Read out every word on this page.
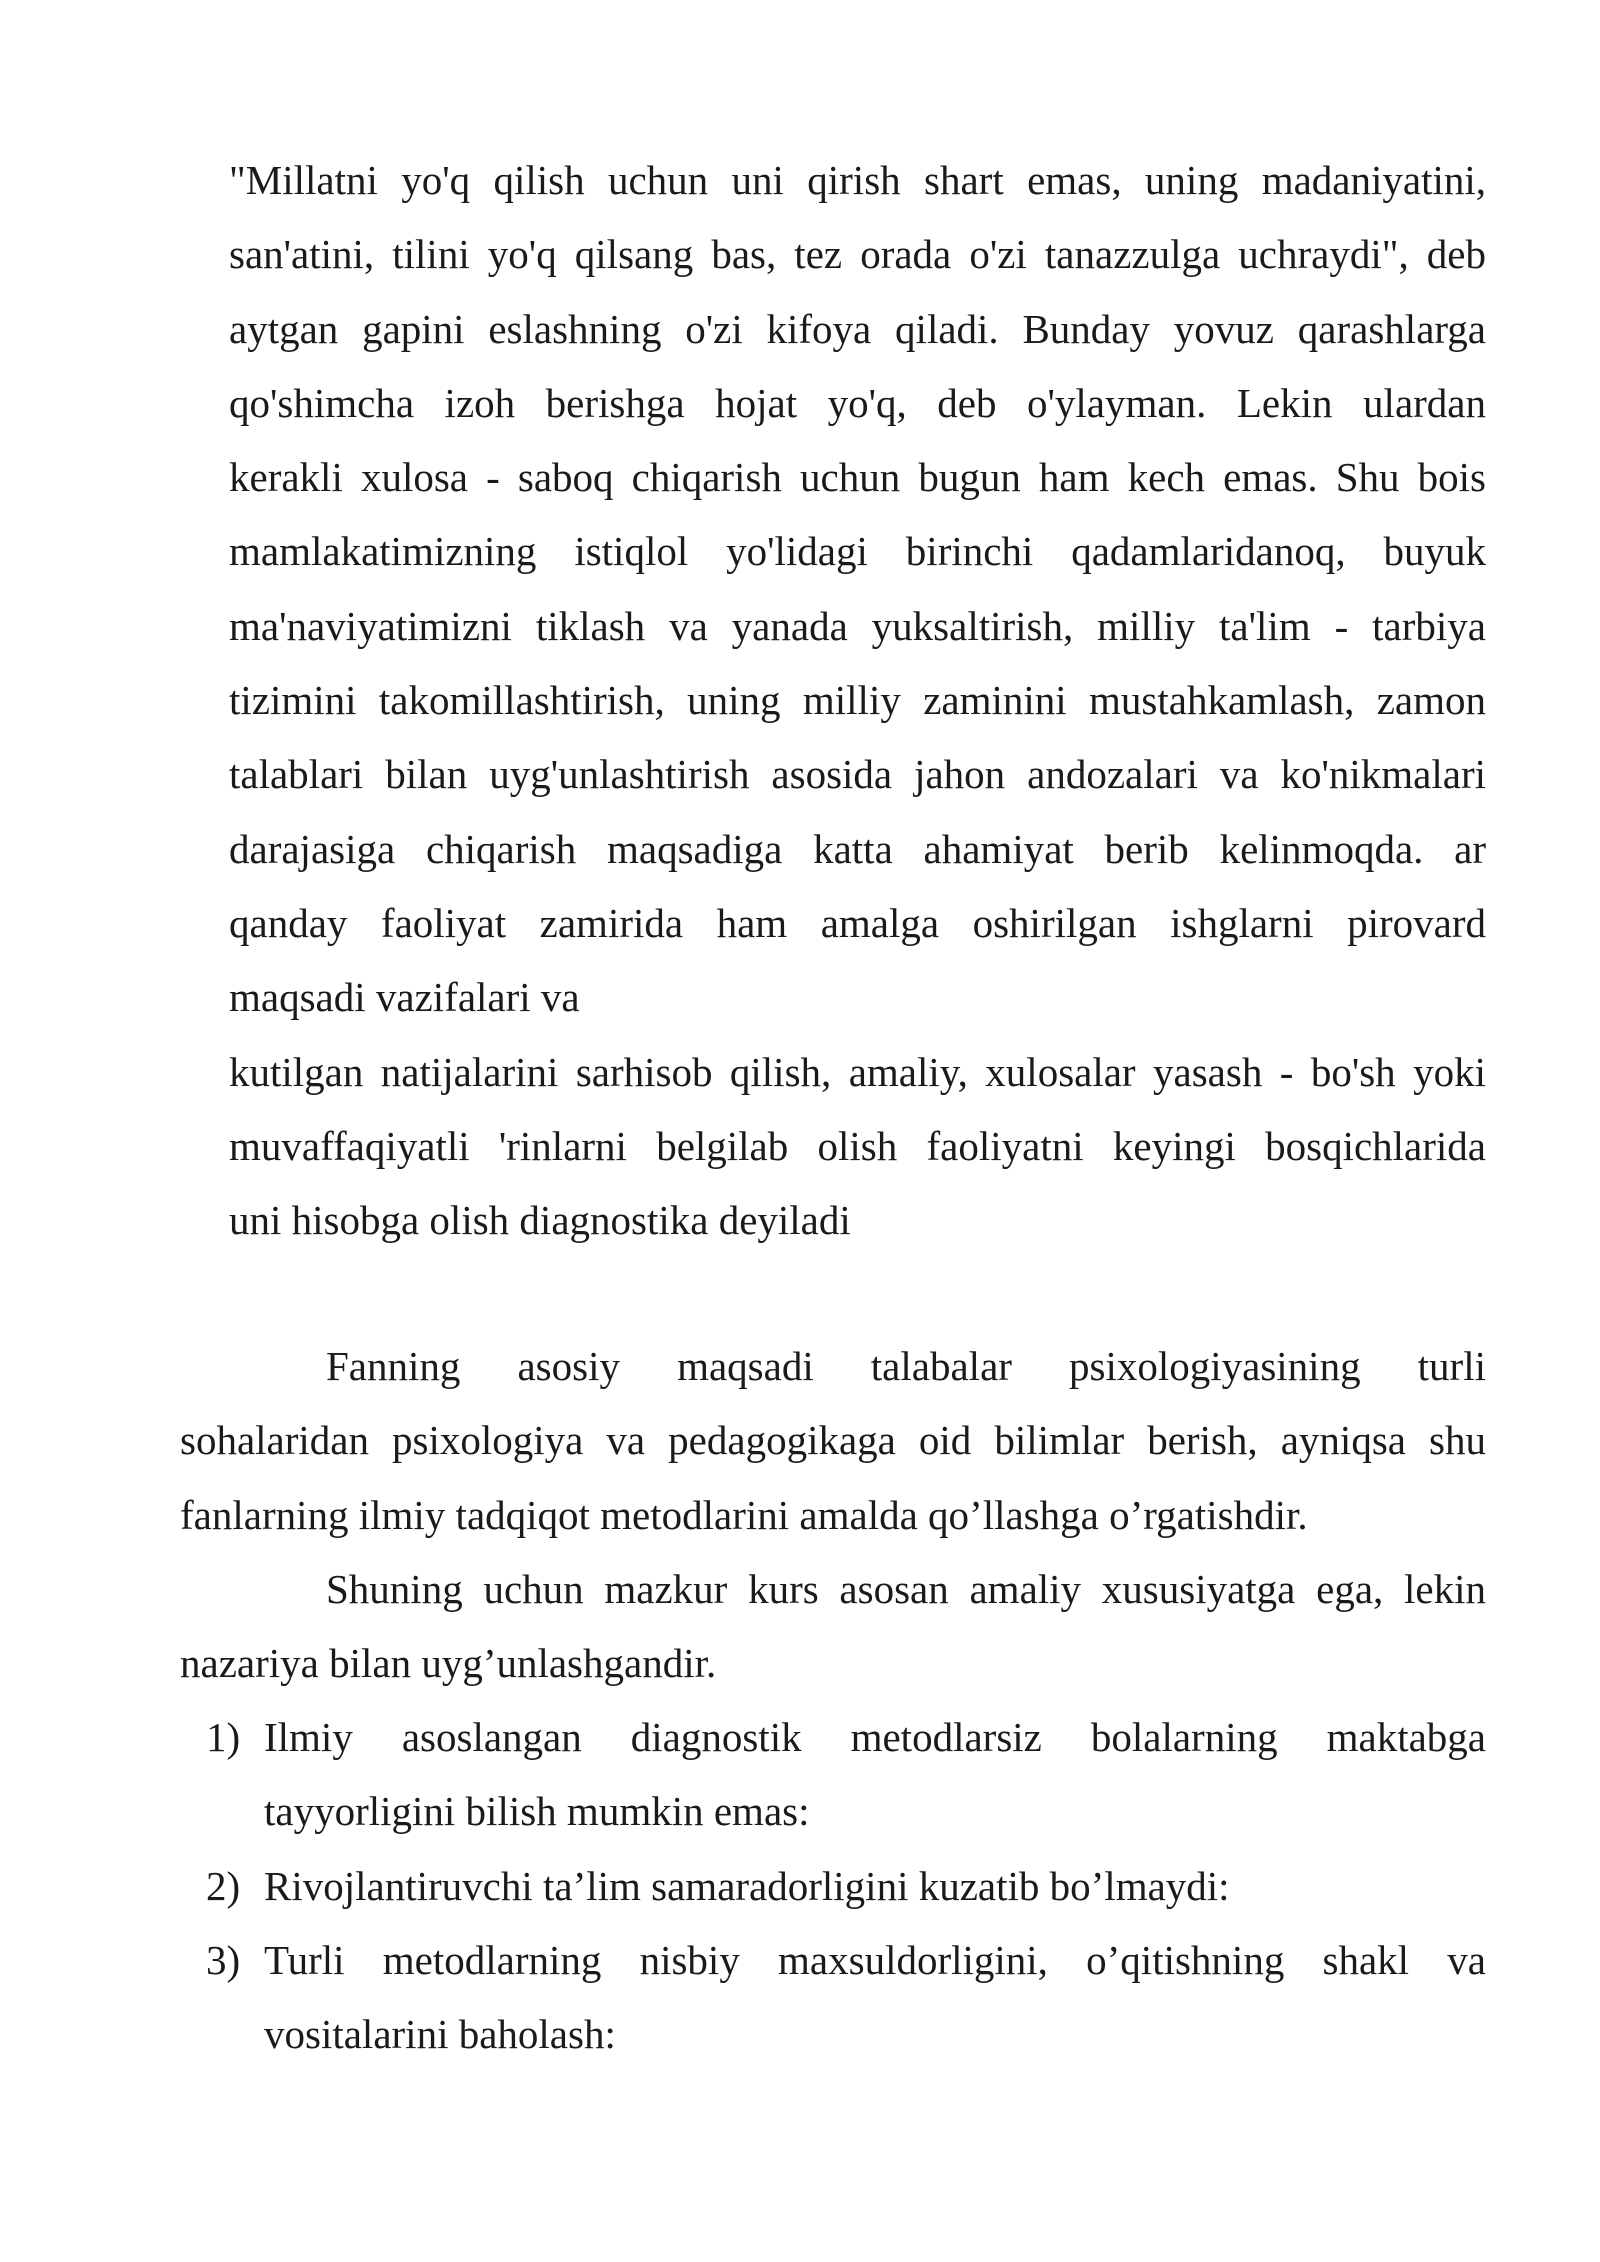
"Millatni yo'q qilish uchun uni qirish shart emas, uning madaniyatini,
san'atini, tilini yo'q qilsang bas, tez orada o'zi tanazzulga uchraydi", deb
aytgan gapini eslashning o'zi kifoya qiladi. Bunday yovuz qarashlarga
qo'shimcha izoh berishga hojat yo'q, deb o'ylayman. Lekin ulardan
kerakli xulosa - saboq chiqarish uchun bugun ham kech emas. Shu bois
mamlakatimizning istiqlol yo'lidagi birinchi qadamlaridanoq, buyuk
ma'naviyatimizni tiklash va yanada yuksaltirish, milliy ta'lim - tarbiya
tizimini takomillashtirish, uning milliy zaminini mustahkamlash, zamon
talablari bilan uyg'unlashtirish asosida jahon andozalari va ko'nikmalari
darajasiga chiqarish maqsadiga katta ahamiyat berib kelinmoqda. ar
qanday faoliyat zamirida ham amalga oshirilgan ishglarni pirovard
maqsadi vazifalari va
kutilgan natijalarini sarhisob qilish, amaliy, xulosalar yasash - bo'sh yoki
muvaffaqiyatli 'rinlarni belgilab olish faoliyatni keyingi bosqichlarida
uni hisobga olish diagnostika deyiladi
Fanning asosiy maqsadi talabalar psixologiyasining turli
sohalaridan psixologiya va pedagogikaga oid bilimlar berish, ayniqsa shu
fanlarning ilmiy tadqiqot metodlarini amalda qo’llashga o’rgatishdir.
Shuning uchun mazkur kurs asosan amaliy xususiyatga ega, lekin
nazariya bilan uyg’unlashgandir.
1) Ilmiy asoslangan diagnostik metodlarsiz bolalarning maktabga
tayyorligini bilish mumkin emas:
2) Rivojlantiruvchi ta’lim samaradorligini kuzatib bo’lmaydi:
3) Turli metodlarning nisbiy maxsuldorligini, o’qitishning shakl va
vositalarini baholash:
